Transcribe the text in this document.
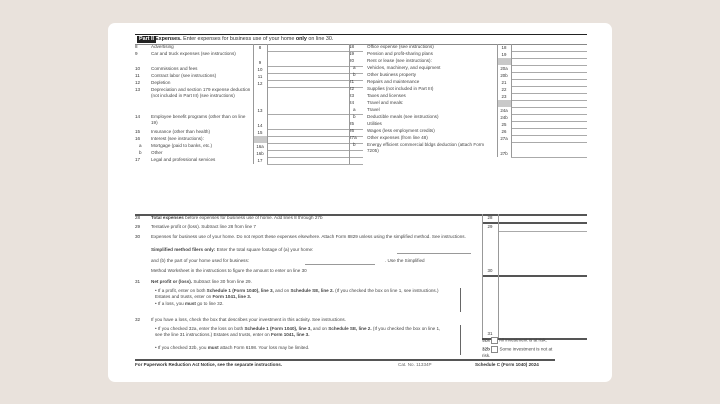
Part II Expenses. Enter expenses for business use of your home only on line 30.
8	Advertising	8
9	Car and truck expenses (see instructions)
9
10	Commissions and fees	10
11	Contract labor (see instructions)	11
12	Depletion	12
13	Depreciation and section 179 expense deduction (not included in Part III) (see instructions)
13
14	Employee benefit programs (other than on line 19)
14
15	Insurance (other than health)	15
16	Interest (see instructions):
a	Mortgage (paid to banks, etc.)	16a
b	Other	16b
17	Legal and professional services	17
18	Office expense (see instructions)	18
19	Pension and profit-sharing plans	19
20	Rent or lease (see instructions):
a	Vehicles, machinery, and equipment	20a
b	Other business property	20b
21	Repairs and maintenance	21
22	Supplies (not included in Part III)	22
23	Taxes and licenses	23
24	Travel and meals:
a	Travel	24a
b	Deductible meals (see instructions)	24b
25	Utilities	25
26	Wages (less employment credits)	26
27a	Other expenses (from line 48)	27a
b	Energy efficient commercial bldgs deduction (attach Form 7205)
27b
28	Total expenses before expenses for business use of home. Add lines 8 through 27b	28
29	Tentative profit or (loss). Subtract line 28 from line 7	29
30	Expenses for business use of your home. Do not report these expenses elsewhere. Attach Form 8829 unless using the simplified method. See instructions.
Simplified method filers only: Enter the total square footage of (a) your home:
and (b) the part of your home used for business:	. Use the Simplified
Method Worksheet in the instructions to figure the amount to enter on line 30	30
31	Net profit or (loss). Subtract line 30 from line 29.
• If a profit, enter on both Schedule 1 (Form 1040), line 3, and on Schedule SE, line 2. (If you checked the box on line 1, see instructions.) Estates and trusts, enter on Form 1041, line 3.
• If a loss, you must go to line 32.
31
32	If you have a loss, check the box that describes your investment in this activity. See instructions.
• If you checked 32a, enter the loss on both Schedule 1 (Form 1040), line 3, and on Schedule SE, line 2. (If you checked the box on line 1, see the line 31 instructions.) Estates and trusts, enter on Form 1041, line 3.
• If you checked 32b, you must attach Form 6198. Your loss may be limited.
32a All investment is at risk.
32b Some investment is not at risk.
For Paperwork Reduction Act Notice, see the separate instructions.	Cat. No. 11334P	Schedule C (Form 1040) 2024
